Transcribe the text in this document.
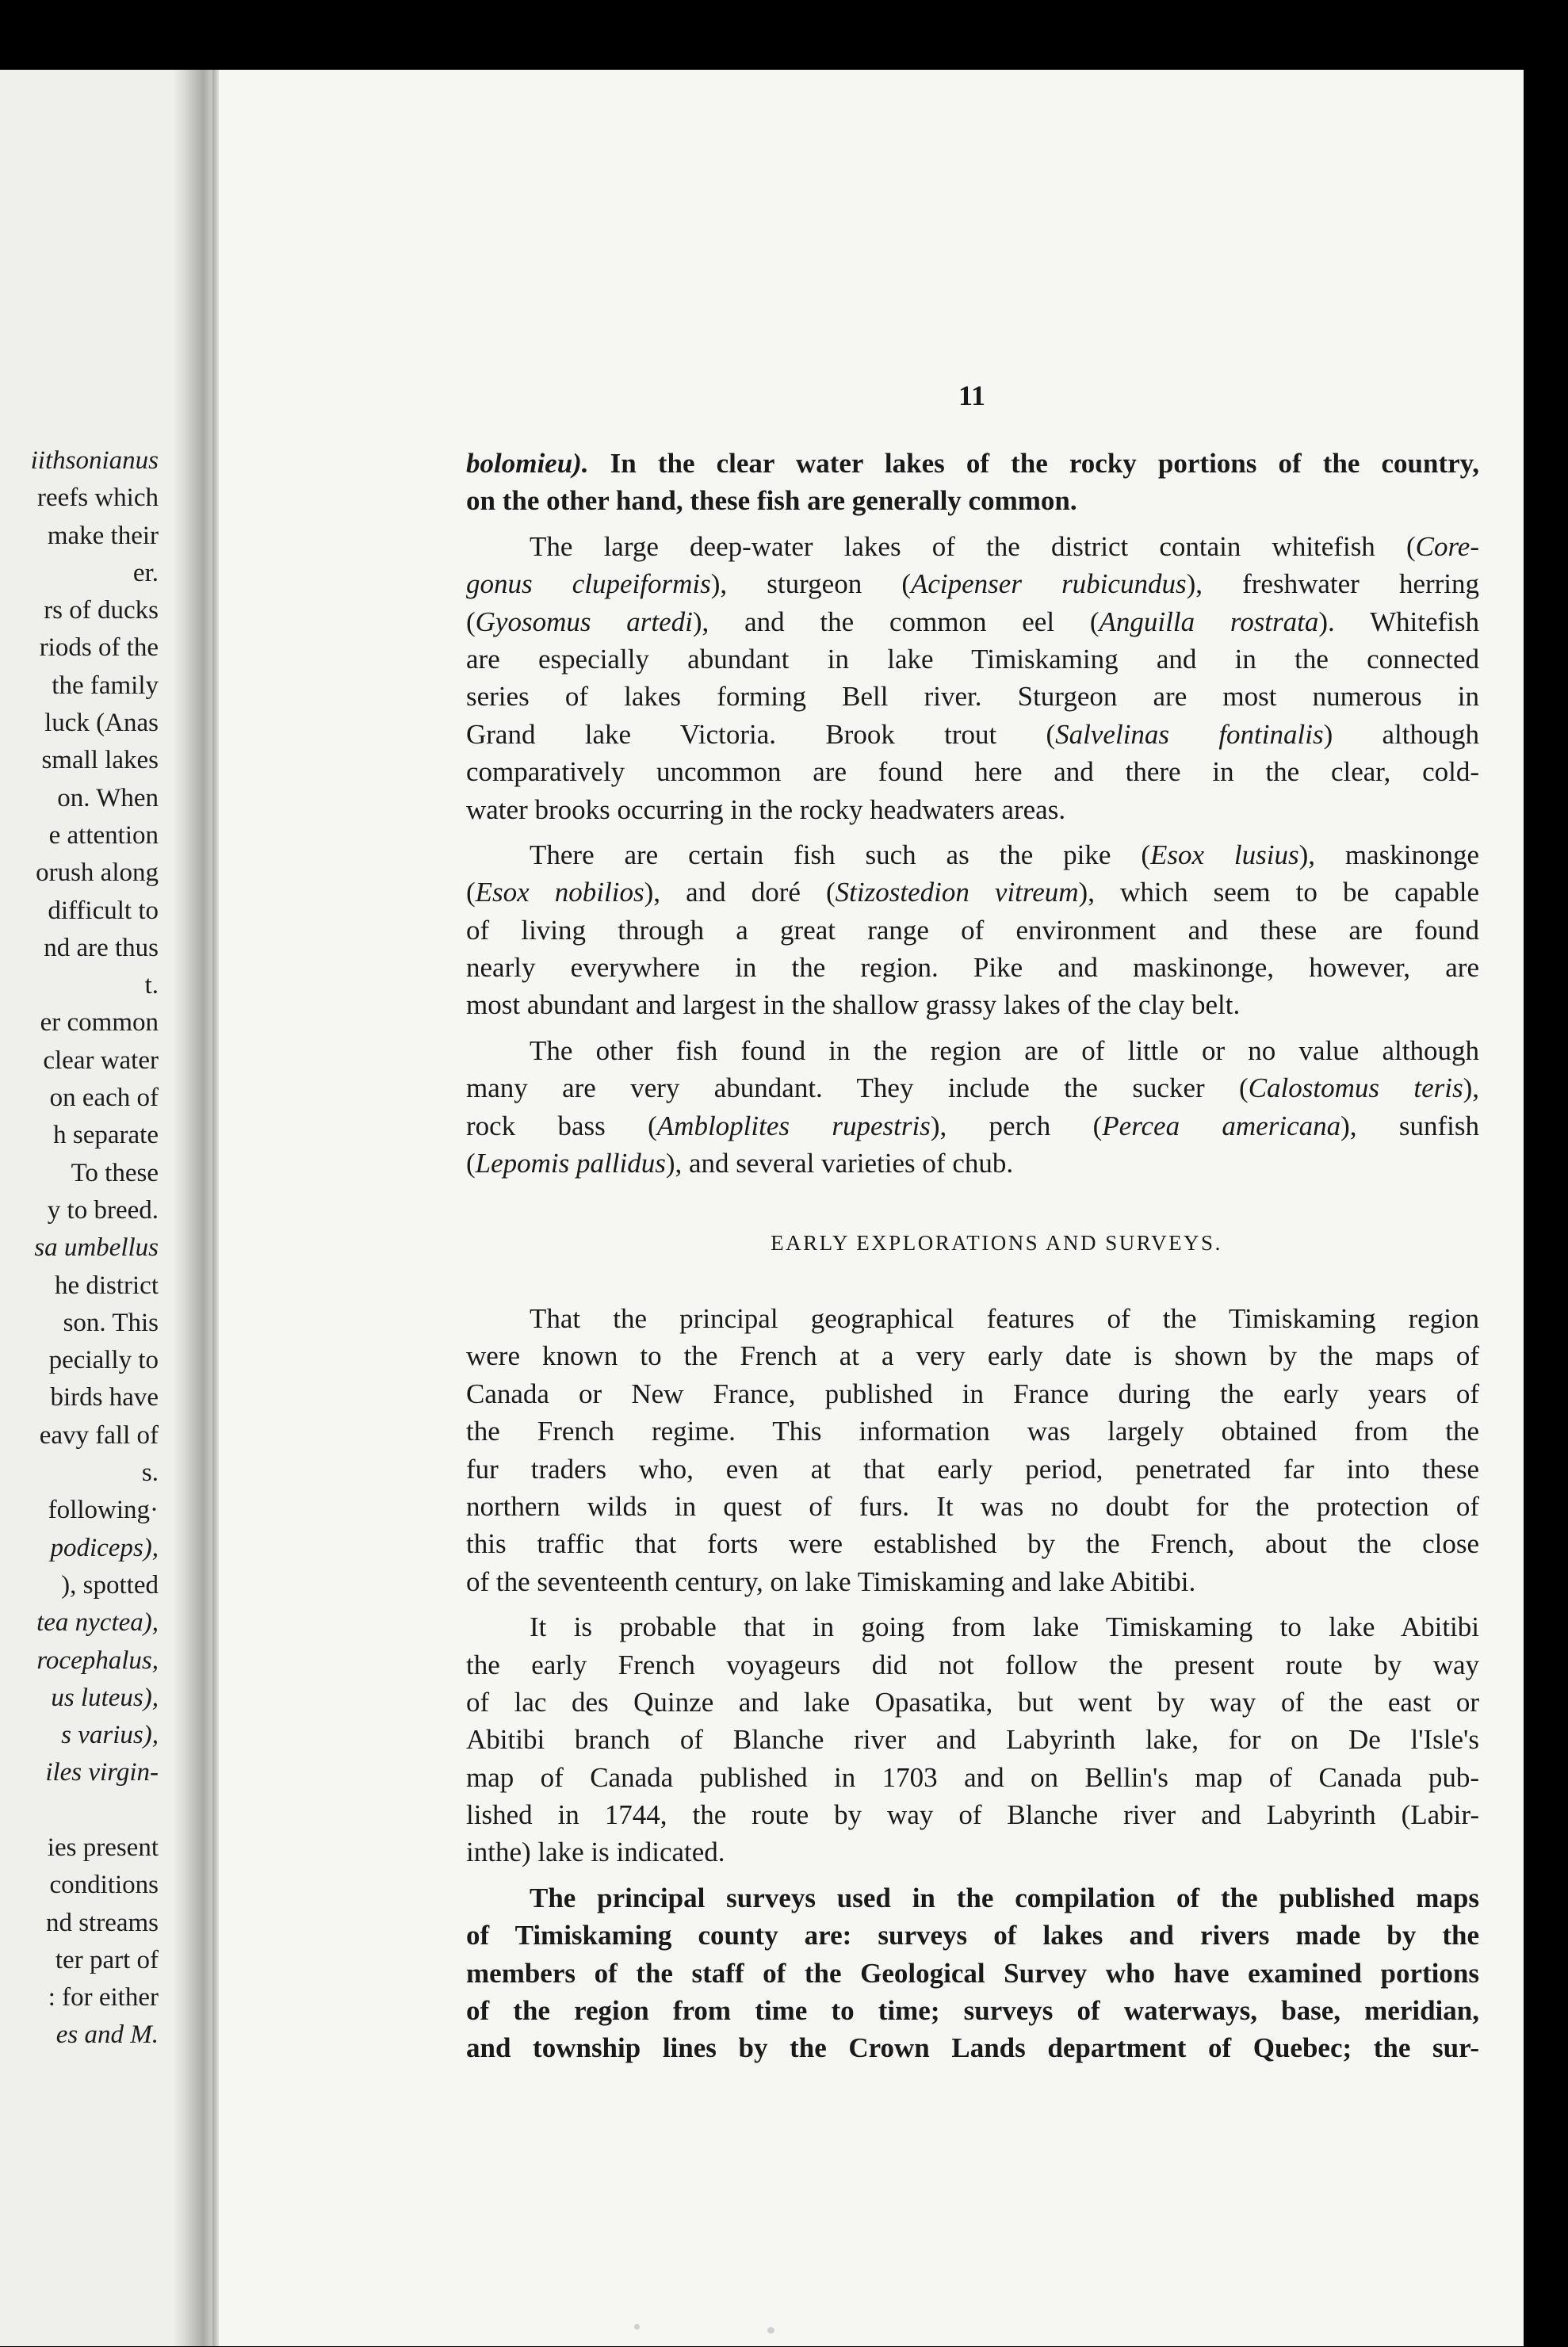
iithsonianus
reefs which
make their
er.
rs of ducks
riods of the
the family
luck (Anas
small lakes
on. When
e attention
orush along
difficult to
nd are thus
t.
er common
clear water
on each of
h separate
To these
y to breed.
sa umbellus
he district
son. This
pecially to
birds have
eavy fall of
s.
following·
podiceps),
), spotted
tea nyctea),
rocephalus,
us luteus),
s varius),
iles virgin-
ies present
conditions
nd streams
ter part of
: for either
es and M.
11
bolomieu). In the clear water lakes of the rocky portions of the country,
on the other hand, these fish are generally common.
The large deep-water lakes of the district contain whitefish (Core-
gonus clupeiformis), sturgeon (Acipenser rubicundus), freshwater herring
(Gyosomus artedi), and the common eel (Anguilla rostrata). Whitefish
are especially abundant in lake Timiskaming and in the connected
series of lakes forming Bell river. Sturgeon are most numerous in
Grand lake Victoria. Brook trout (Salvelinas fontinalis) although
comparatively uncommon are found here and there in the clear, cold-
water brooks occurring in the rocky headwaters areas.
There are certain fish such as the pike (Esox lusius), maskinonge
(Esox nobilios), and doré (Stizostedion vitreum), which seem to be capable
of living through a great range of environment and these are found
nearly everywhere in the region. Pike and maskinonge, however, are
most abundant and largest in the shallow grassy lakes of the clay belt.
The other fish found in the region are of little or no value although
many are very abundant. They include the sucker (Calostomus teris),
rock bass (Ambloplites rupestris), perch (Percea americana), sunfish
(Lepomis pallidus), and several varieties of chub.
EARLY EXPLORATIONS AND SURVEYS.
That the principal geographical features of the Timiskaming region
were known to the French at a very early date is shown by the maps of
Canada or New France, published in France during the early years of
the French regime. This information was largely obtained from the
fur traders who, even at that early period, penetrated far into these
northern wilds in quest of furs. It was no doubt for the protection of
this traffic that forts were established by the French, about the close
of the seventeenth century, on lake Timiskaming and lake Abitibi.
It is probable that in going from lake Timiskaming to lake Abitibi
the early French voyageurs did not follow the present route by way
of lac des Quinze and lake Opasatika, but went by way of the east or
Abitibi branch of Blanche river and Labyrinth lake, for on De l'Isle's
map of Canada published in 1703 and on Bellin's map of Canada pub-
lished in 1744, the route by way of Blanche river and Labyrinth (Labir-
inthe) lake is indicated.
The principal surveys used in the compilation of the published maps
of Timiskaming county are: surveys of lakes and rivers made by the
members of the staff of the Geological Survey who have examined portions
of the region from time to time; surveys of waterways, base, meridian,
and township lines by the Crown Lands department of Quebec; the sur-
